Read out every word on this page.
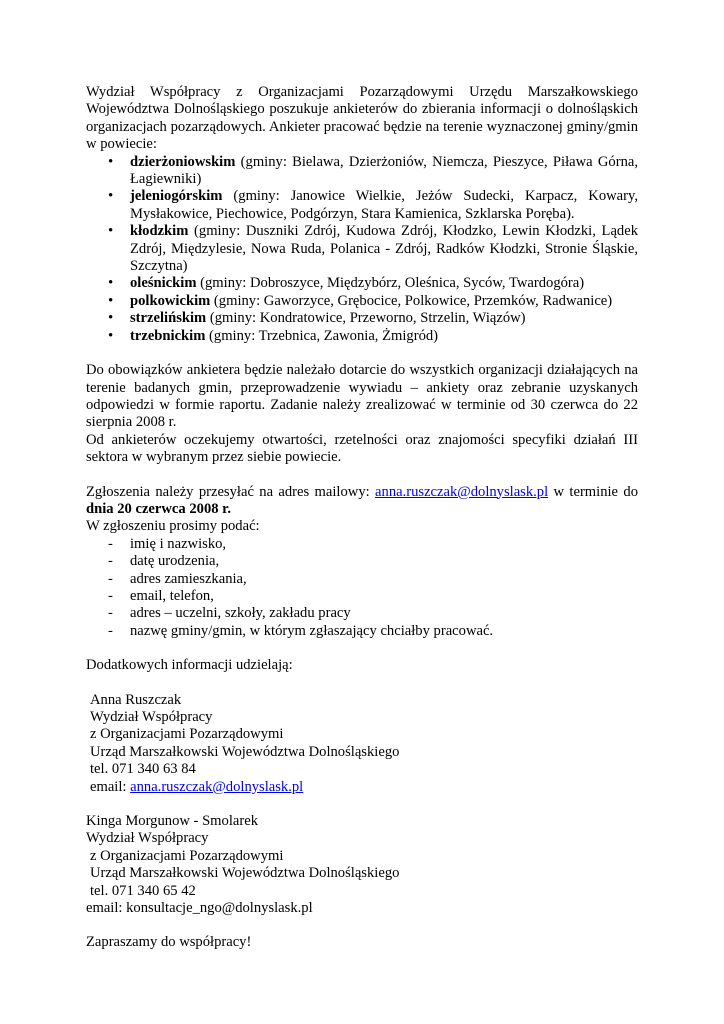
Wydział Współpracy z Organizacjami Pozarządowymi Urzędu Marszałkowskiego Województwa Dolnośląskiego poszukuje ankieterów do zbierania informacji o dolnośląskich organizacjach pozarządowych. Ankieter pracować będzie na terenie wyznaczonej gminy/gmin w powiecie:

• dzierżoniowskim (gminy: Bielawa, Dzierżoniów, Niemcza, Pieszyce, Piława Górna, Łagiewniki)
• jeleniogórskim (gminy: Janowice Wielkie, Jeżów Sudecki, Karpacz, Kowary, Mysłakowice, Piechowice, Podgórzyn, Stara Kamienica, Szklarska Poręba).
• kłodzkim (gminy: Duszniki Zdrój, Kudowa Zdrój, Kłodzko, Lewin Kłodzki, Lądek Zdrój, Międzylesie, Nowa Ruda, Polanica - Zdrój, Radków Kłodzki, Stronie Śląskie, Szczytna)
• oleśnickim (gminy: Dobroszyce, Międzybórz, Oleśnica, Syców, Twardogóra)
• polkowickim (gminy: Gaworzyce, Grębocice, Polkowice, Przemków, Radwanice)
• strzelińskim (gminy: Kondratowice, Przeworno, Strzelin, Wiązów)
• trzebnickim (gminy: Trzebnica, Zawonia, Żmigród)

Do obowiązków ankietera będzie należało dotarcie do wszystkich organizacji działających na terenie badanych gmin, przeprowadzenie wywiadu – ankiety oraz zebranie uzyskanych odpowiedzi w formie raportu. Zadanie należy zrealizować w terminie od 30 czerwca do 22 sierpnia 2008 r.

Od ankieterów oczekujemy otwartości, rzetelności oraz znajomości specyfiki działań III sektora w wybranym przez siebie powiecie.

Zgłoszenia należy przesyłać na adres mailowy: anna.ruszczak@dolnyslask.pl w terminie do dnia 20 czerwca 2008 r.

W zgłoszeniu prosimy podać:

- imię i nazwisko,
- datę urodzenia,
- adres zamieszkania,
- email, telefon,
- adres – uczelni, szkoły, zakładu pracy
- nazwę gminy/gmin, w którym zgłaszający chciałby pracować.

Dodatkowych informacji udzielają:

Anna Ruszczak
Wydział Współpracy
z Organizacjami Pozarządowymi
Urząd Marszałkowski Województwa Dolnośląskiego
tel. 071 340 63 84
email: anna.ruszczak@dolnyslask.pl
Kinga Morgunow - Smolarek
Wydział Współpracy
z Organizacjami Pozarządowymi
Urząd Marszałkowski Województwa Dolnośląskiego
tel. 071 340 65 42
email: konsultacje_ngo@dolnyslask.pl

Zapraszamy do współpracy!
